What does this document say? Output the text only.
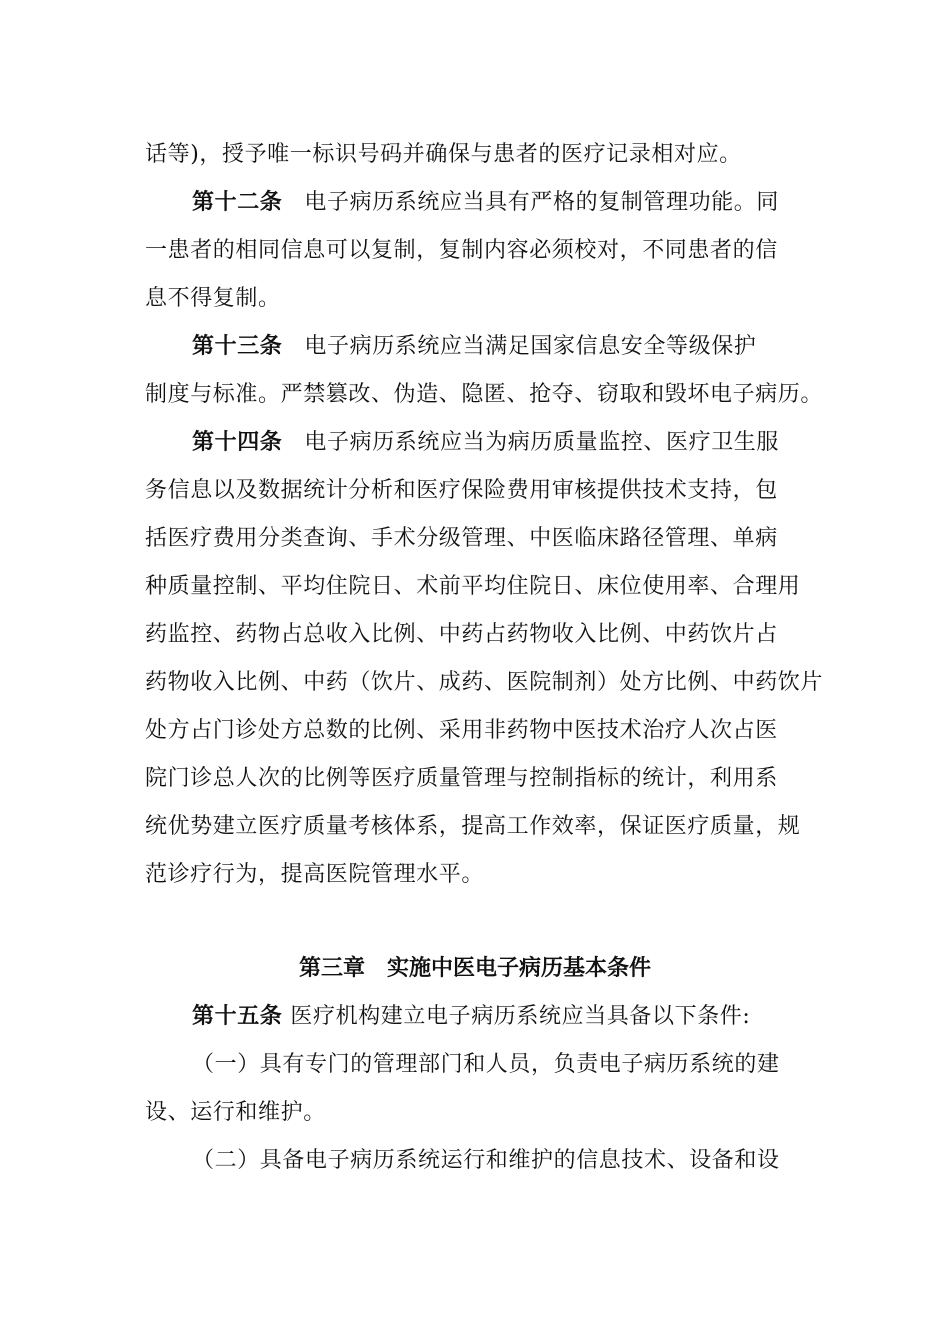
话等)，授予唯一标识号码并确保与患者的医疗记录相对应。
第十二条 电子病历系统应当具有严格的复制管理功能。同
一患者的相同信息可以复制，复制内容必须校对，不同患者的信
息不得复制。
第十三条 电子病历系统应当满足国家信息安全等级保护
制度与标准。严禁篡改、伪造、隐匿、抢夺、窃取和毁坏电子病历。
第十四条 电子病历系统应当为病历质量监控、医疗卫生服
务信息以及数据统计分析和医疗保险费用审核提供技术支持，包
括医疗费用分类查询、手术分级管理、中医临床路径管理、单病
种质量控制、平均住院日、术前平均住院日、床位使用率、合理用
药监控、药物占总收入比例、中药占药物收入比例、中药饮片占
药物收入比例、中药（饮片、成药、医院制剂）处方比例、中药饮片
处方占门诊处方总数的比例、采用非药物中医技术治疗人次占医
院门诊总人次的比例等医疗质量管理与控制指标的统计，利用系
统优势建立医疗质量考核体系，提高工作效率，保证医疗质量，规
范诊疗行为，提高医院管理水平。
第三章 实施中医电子病历基本条件
第十五条 医疗机构建立电子病历系统应当具备以下条件:
（一）具有专门的管理部门和人员，负责电子病历系统的建
设、运行和维护。
（二）具备电子病历系统运行和维护的信息技术、设备和设
